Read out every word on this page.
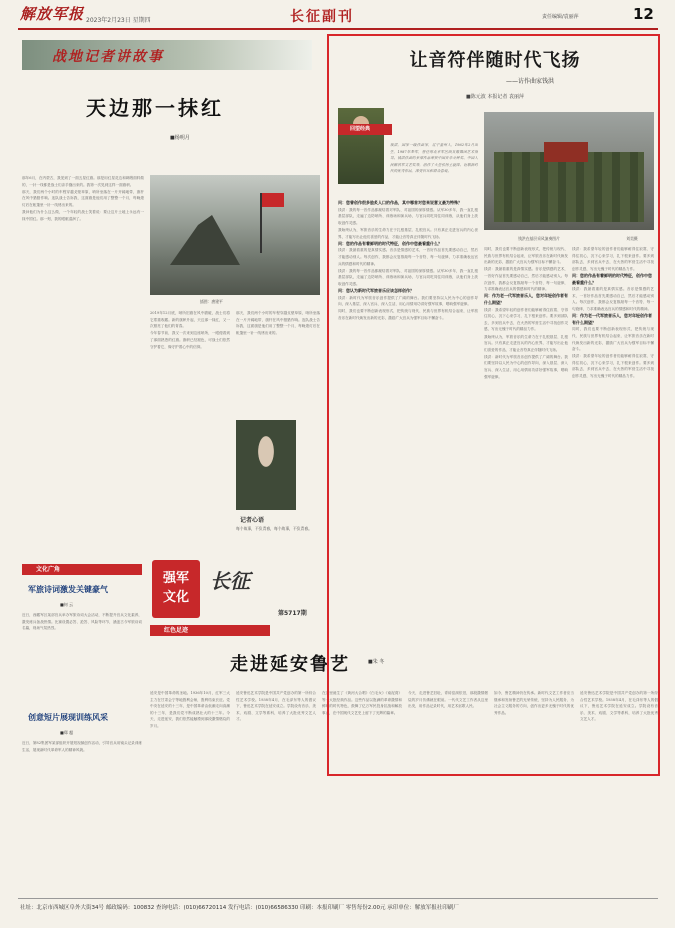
解放军报 2023年2月23日 星期四	长征副刊	责任编辑/袁丽萍	12
战地记者讲故事
天边那一抹红
■杨明月
插图：唐建平

那年6月，在内蒙古，我见到了一面五星红旗。那是用红星花边和绸缎面料做的，一针一线都是战士们亲手缝出来的。我第一次见到这样一面旗帜。

那天，我们两个小时的车程穿越戈壁草原，哨所坐落在一片开阔地带，旗杆在风中猎猎作响。连队战士告诉我，这面旗是他们用了整整一个月，每晚熄灯后在帐篷里一针一线绣出来的。

我问他们为什么这么做，一个年轻的战士笑着说：要让这片土地上永远有一抹中国红。那一刻，我的眼眶湿润了。

2019年12月底，哨所旧旗在风中磨破，战士们将它郑重收藏。新的旗帜升起，天边那一抹红，又一次照亮了他们的青春。

今年春节前，我又一次来到这座哨所，一眼便看到了那面熟悉的红旗。旗帜已经褪色，可战士们依然守护着它，像守护着心中的信仰。

那天，我们两个小时的车程穿越戈壁草原，哨所坐落在一片开阔地带，旗杆在风中猎猎作响。连队战士告诉我，这面旗是他们用了整整一个月，每晚熄灯后在帐篷里一针一线绣出来的。

记者心语
每个故事，不负青春，每个故事，不负青春。
文化广角
军旅诗词激发关键豪气
■何 云
近日，西藏军区某部官兵举办军旅诗词大会活动，不断提升官兵文化素养，激发练兵备战热情。比赛设置必答、抢答、风险等环节，涵盖古今军旅诗词名篇，现场气氛热烈。
创意短片展现训练风采
■郑 超
近日，第82集团军某部组织开展短视频创作活动，引导官兵用镜头记录训练生活，展现新时代革命军人的精神风貌。
强军
文化
长征
第5717期
红色足迹
走进延安鲁艺	■朱 冬
延安是中国革命的圣地。1936年10月，红军三大主力在甘肃会宁等地胜利会师，胜利结束长征。党中央在延安的十三年，是中国革命由低潮走向高潮的十三年，是我们党不断成熟壮大的十三年。今天，走进延安，我们依然能触摸到那段激情燃烧的岁月。
延安鲁迅艺术学院是中国共产党创办的第一所综合性艺术学校。1938年4月，在毛泽东等人的倡议下，鲁迅艺术学院在延安成立。学院设有音乐、美术、戏剧、文学等系科，培养了大批优秀文艺人才。
在这里诞生了《黄河大合唱》《白毛女》《南泥湾》等一大批经典作品。这些作品以饱满的革命激情和鲜明的时代特色，鼓舞了亿万军民投身抗战和解放事业，在中国现代文艺史上留下了光辉的篇章。
今天，走进鲁艺旧址，青砖窑洞依旧，那段激情燃烧的岁月仿佛就在眼前。一代代文艺工作者从这里出发，用作品记录时代，用艺术讴歌人民。
如今，鲁艺精神仍在传承。新时代文艺工作者应当继承和发扬鲁艺的光荣传统，坚持为人民服务、为社会主义服务的方向，创作出更多无愧于时代的优秀作品。
延安鲁迅艺术学院是中国共产党创办的第一所综合性艺术学校。1938年4月，在毛泽东等人的倡议下，鲁迅艺术学院在延安成立。学院设有音乐、美术、戏剧、文学等系科，培养了大批优秀文艺人才。
让音符伴随时代飞扬
——访作曲家钱洪
■陈元波 本报记者 袁丽萍
钱洪，国家一级作曲家，辽宁盖州人，1962年2月出生，1987年参军，曾任原北京军区战友歌舞团艺术指导。钱洪作曲的多部作品荣获中国音乐金钟奖、中国人民解放军文艺奖等，创作了大量弘扬主旋律、讴歌新时代的优秀作品，深受官兵和群众喜爱。
回望经典

问：您曾创作很多脍炙人口的作品，其中哪首对您来说意义最为特殊？

钱洪：我的每一首作品都凝结着对军队、对祖国的深厚情感。从军30多年，我一直扎根基层部队，走遍了边防哨所、训练场和演兵场，与官兵同吃同住同训练，从他们身上汲取创作灵感。

我始终认为，军旅音乐的生命力在于扎根基层、扎根官兵。只有真正走进官兵的内心世界，才能写出让他们喜爱的作品，才能让音符真正伴随时代飞扬。

问：您的作品有着鲜明的时代特征，创作中您最看重什么？

钱洪：我最看重的是真情实感。音乐是情感的艺术，一首好作品首先要感动自己，然后才能感动别人。每次创作，我都会反复推敲每一个音符、每一句旋律，力求准确表达官兵的情感和时代的精神。

钱洪：我的每一首作品都凝结着对军队、对祖国的深厚情感。从军30多年，我一直扎根基层部队，走遍了边防哨所、训练场和演兵场，与官兵同吃同住同训练，从他们身上汲取创作灵感。

问：您认为新时代军旅音乐应该怎样创作？

钱洪：新时代为军旅音乐创作提供了广阔的舞台。我们要坚持以人民为中心的创作导向，深入基层、深入官兵、深入生活，用心用情用功讲好强军故事，唱响强军旋律。

同时，我们也要不断创新表现形式，把传统与现代、民族与世界有机结合起来，让军旅音乐在新时代焕发出新的光彩，激励广大官兵为强军目标不懈奋斗。

钱洪在基层采风演奏图片	刘昊摄

同时，我们也要不断创新表现形式，把传统与现代、民族与世界有机结合起来，让军旅音乐在新时代焕发出新的光彩，激励广大官兵为强军目标不懈奋斗。

钱洪：我最看重的是真情实感。音乐是情感的艺术，一首好作品首先要感动自己，然后才能感动别人。每次创作，我都会反复推敲每一个音符、每一句旋律，力求准确表达官兵的情感和时代的精神。

问：作为老一代军旅音乐人，您对年轻创作者有什么期望？

钱洪：我希望年轻的创作者们能够耐得住寂寞、守得住初心，沉下心来学习，扎下根来创作。要多到部队去，多到官兵中去，在火热的军营生活中寻找创作灵感，写出无愧于时代的精品力作。

我始终认为，军旅音乐的生命力在于扎根基层、扎根官兵。只有真正走进官兵的内心世界，才能写出让他们喜爱的作品，才能让音符真正伴随时代飞扬。

钱洪：新时代为军旅音乐创作提供了广阔的舞台。我们要坚持以人民为中心的创作导向，深入基层、深入官兵、深入生活，用心用情用功讲好强军故事，唱响强军旋律。

钱洪：我希望年轻的创作者们能够耐得住寂寞、守得住初心，沉下心来学习，扎下根来创作。要多到部队去，多到官兵中去，在火热的军营生活中寻找创作灵感，写出无愧于时代的精品力作。

问：您的作品有着鲜明的时代特征，创作中您最看重什么？

钱洪：我最看重的是真情实感。音乐是情感的艺术，一首好作品首先要感动自己，然后才能感动别人。每次创作，我都会反复推敲每一个音符、每一句旋律，力求准确表达官兵的情感和时代的精神。

问：作为老一代军旅音乐人，您对年轻创作者有什么期望？

同时，我们也要不断创新表现形式，把传统与现代、民族与世界有机结合起来，让军旅音乐在新时代焕发出新的光彩，激励广大官兵为强军目标不懈奋斗。

钱洪：我希望年轻的创作者们能够耐得住寂寞、守得住初心，沉下心来学习，扎下根来创作。要多到部队去，多到官兵中去，在火热的军营生活中寻找创作灵感，写出无愧于时代的精品力作。

社址：北京市西城区阜外大街34号 邮政编码：100832 查询电话：(010)66720114 发行电话：(010)66586330 印刷：本报印刷厂 零售每份2.00元 承印单位：解放军报社印刷厂
